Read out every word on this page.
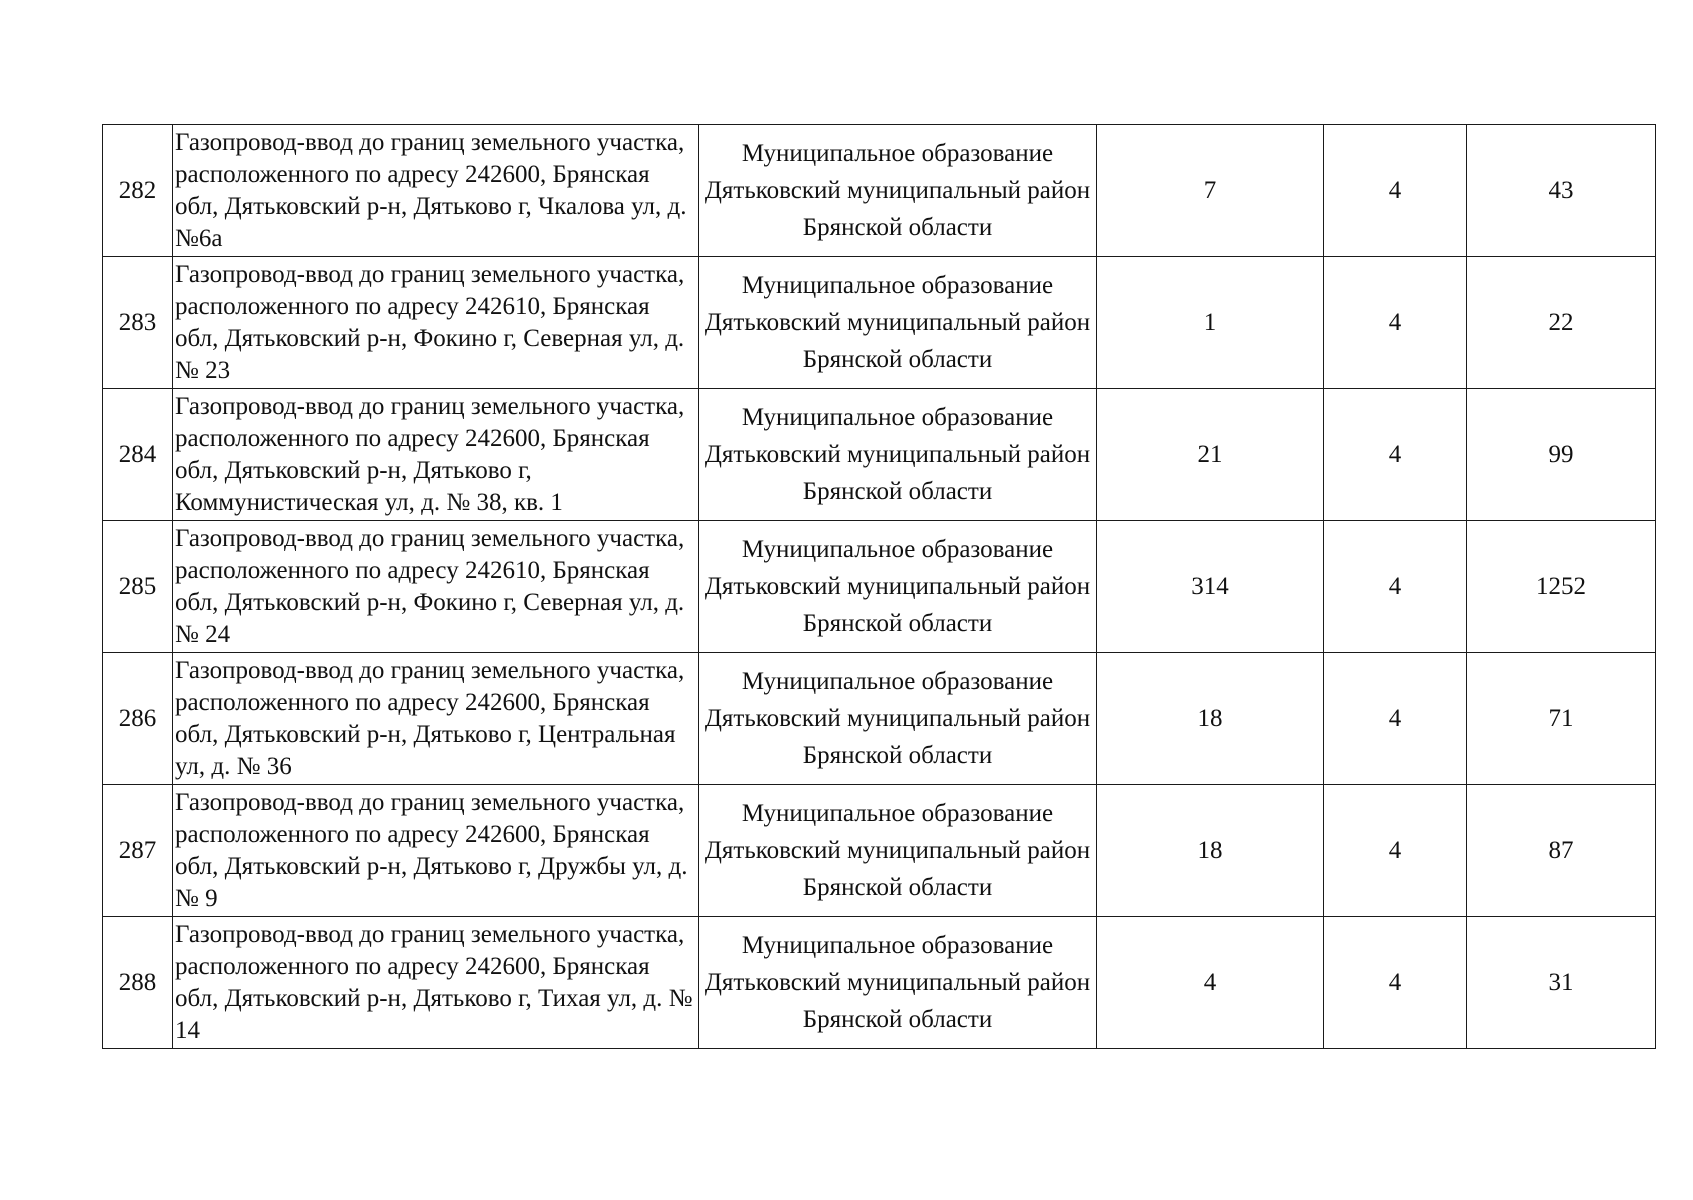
282	Газопровод-ввод до границ земельного участка, расположенного по адресу 242600, Брянская обл, Дятьковский р-н, Дятьково г, Чкалова ул, д. №6а	Муниципальное образование Дятьковский муниципальный район Брянской области	7	4	43
283	Газопровод-ввод до границ земельного участка, расположенного по адресу 242610, Брянская обл, Дятьковский р-н, Фокино г, Северная ул, д. № 23	Муниципальное образование Дятьковский муниципальный район Брянской области	1	4	22
284	Газопровод-ввод до границ земельного участка, расположенного по адресу 242600, Брянская обл, Дятьковский р-н, Дятьково г, Коммунистическая ул, д. № 38, кв. 1	Муниципальное образование Дятьковский муниципальный район Брянской области	21	4	99
285	Газопровод-ввод до границ земельного участка, расположенного по адресу 242610, Брянская обл, Дятьковский р-н, Фокино г, Северная ул, д. № 24	Муниципальное образование Дятьковский муниципальный район Брянской области	314	4	1252
286	Газопровод-ввод до границ земельного участка, расположенного по адресу 242600, Брянская обл, Дятьковский р-н, Дятьково г, Центральная ул, д. № 36	Муниципальное образование Дятьковский муниципальный район Брянской области	18	4	71
287	Газопровод-ввод до границ земельного участка, расположенного по адресу 242600, Брянская обл, Дятьковский р-н, Дятьково г, Дружбы ул, д. № 9	Муниципальное образование Дятьковский муниципальный район Брянской области	18	4	87
288	Газопровод-ввод до границ земельного участка, расположенного по адресу 242600, Брянская обл, Дятьковский р-н, Дятьково г, Тихая ул, д. № 14	Муниципальное образование Дятьковский муниципальный район Брянской области	4	4	31
